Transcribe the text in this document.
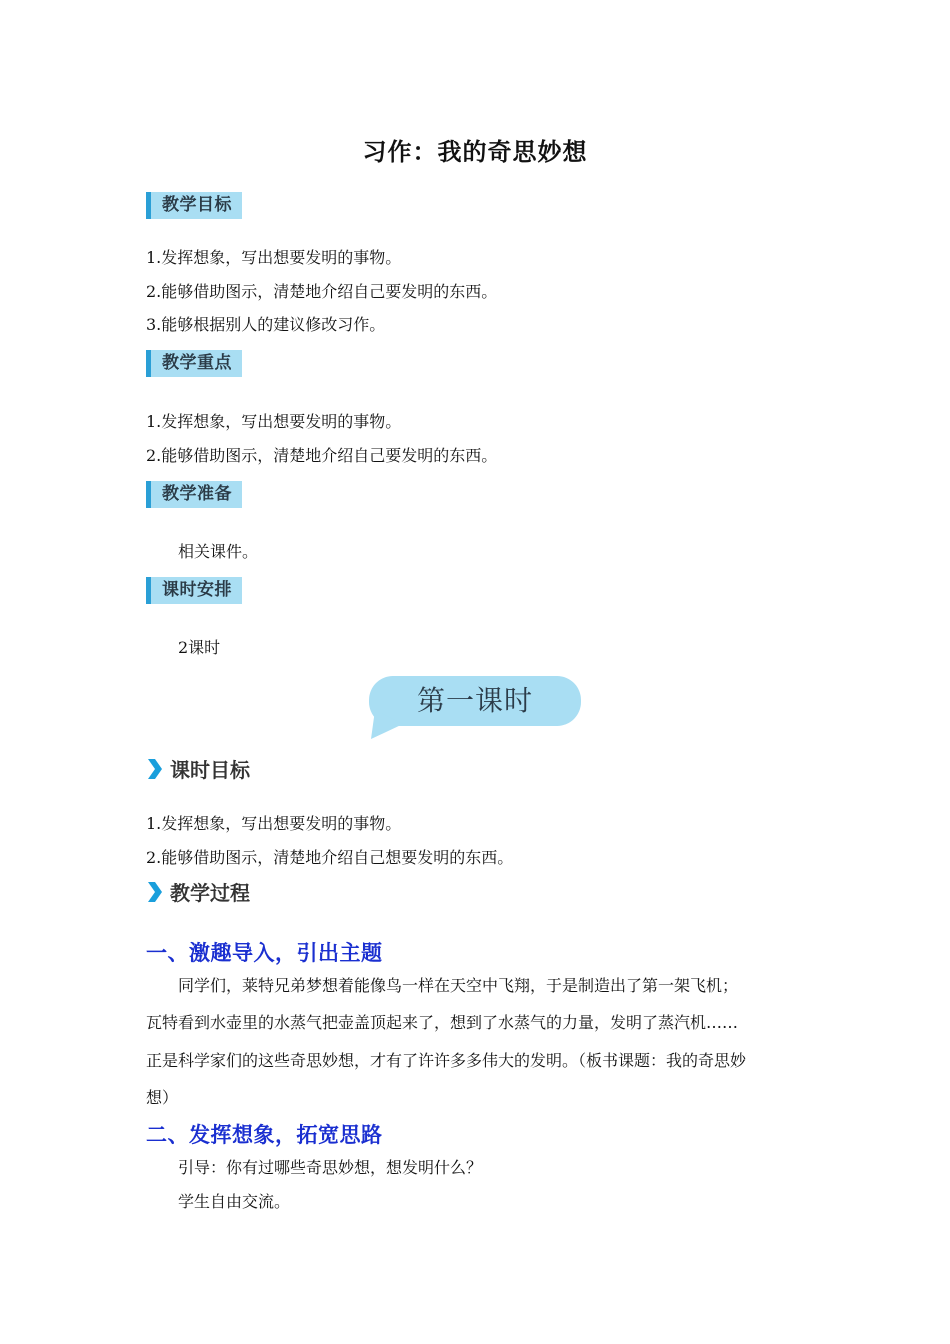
习作：我的奇思妙想
教学目标
1.发挥想象，写出想要发明的事物。
2.能够借助图示，清楚地介绍自己要发明的东西。
3.能够根据别人的建议修改习作。
教学重点
1.发挥想象，写出想要发明的事物。
2.能够借助图示，清楚地介绍自己要发明的东西。
教学准备
相关课件。
课时安排
2课时
第一课时
课时目标
1.发挥想象，写出想要发明的事物。
2.能够借助图示，清楚地介绍自己想要发明的东西。
教学过程
一、激趣导入，引出主题
同学们，莱特兄弟梦想着能像鸟一样在天空中飞翔，于是制造出了第一架飞机；
瓦特看到水壶里的水蒸气把壶盖顶起来了，想到了水蒸气的力量，发明了蒸汽机……
正是科学家们的这些奇思妙想，才有了许许多多伟大的发明。（板书课题：我的奇思妙
想）
二、发挥想象，拓宽思路
引导：你有过哪些奇思妙想，想发明什么？
学生自由交流。
